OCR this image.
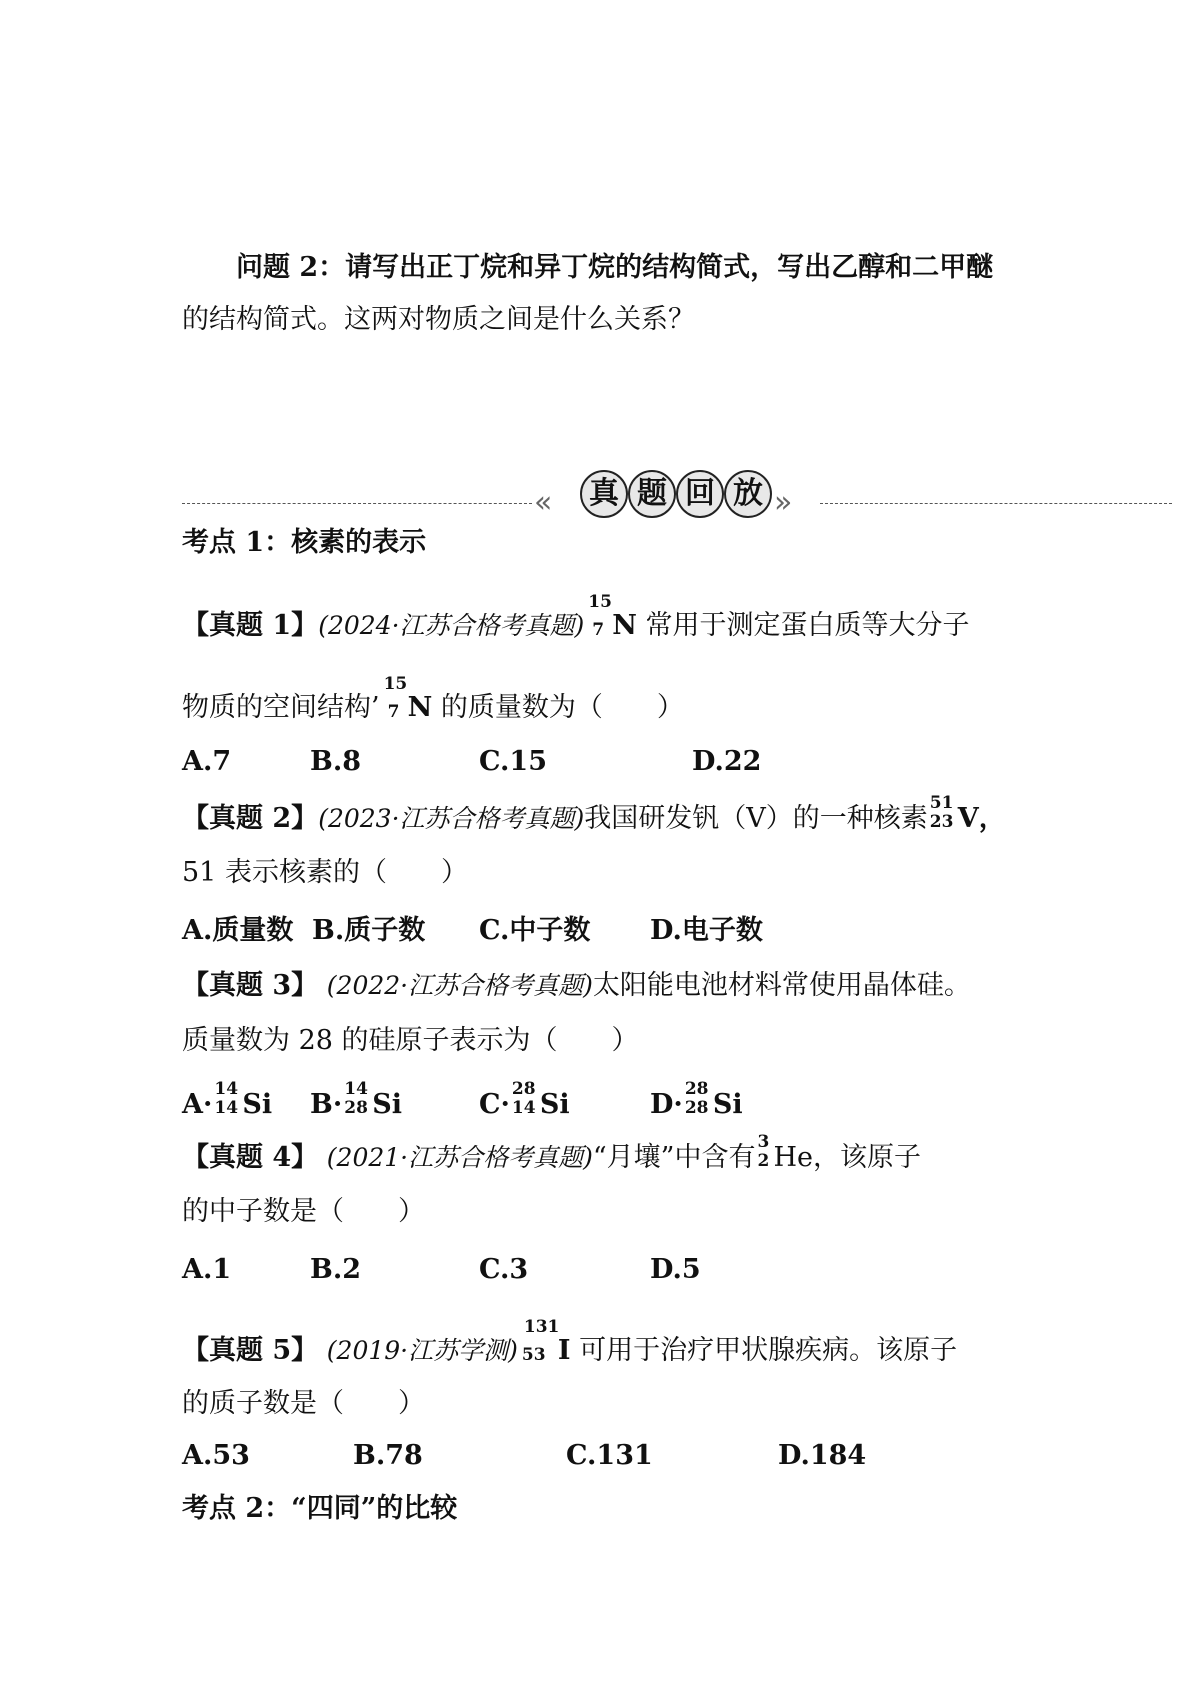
问题 2：请写出正丁烷和异丁烷的结构简式，写出乙醇和二甲醚
的结构简式。这两对物质之间是什么关系？
«	真 题 回 放 »
考点 1：核素的表示
【真题 1】(2024·江苏合格考真题)
15
7 N 常用于测定蛋白质等大分子
物质的空间结构’
15
7 N 的质量数为（　　）
A.7	B.8	C.15	D.22
【真题 2】(2023·江苏合格考真题)我国研发钒（V）的一种核素 51
23 V，
51 表示核素的（　　）
A.质量数 B.质子数 C.中子数 D.电子数
【真题 3】 (2022·江苏合格考真题)太阳能电池材料常使用晶体硅。
质量数为 28 的硅原子表示为（　　）
A· 14
14 Si B· 14
28 Si	C· 28
14 Si	D· 28
28 Si
【真题 4】 (2021·江苏合格考真题)“月壤”中含有 3
2 He，该原子
的中子数是（　　）
A.1	B.2	C.3	D.5
【真题 5】 (2019·江苏学测)
131
53 I 可用于治疗甲状腺疾病。该原子
的质子数是（　　）
A.53	B.78	C.131	D.184
考点 2：“四同”的比较
